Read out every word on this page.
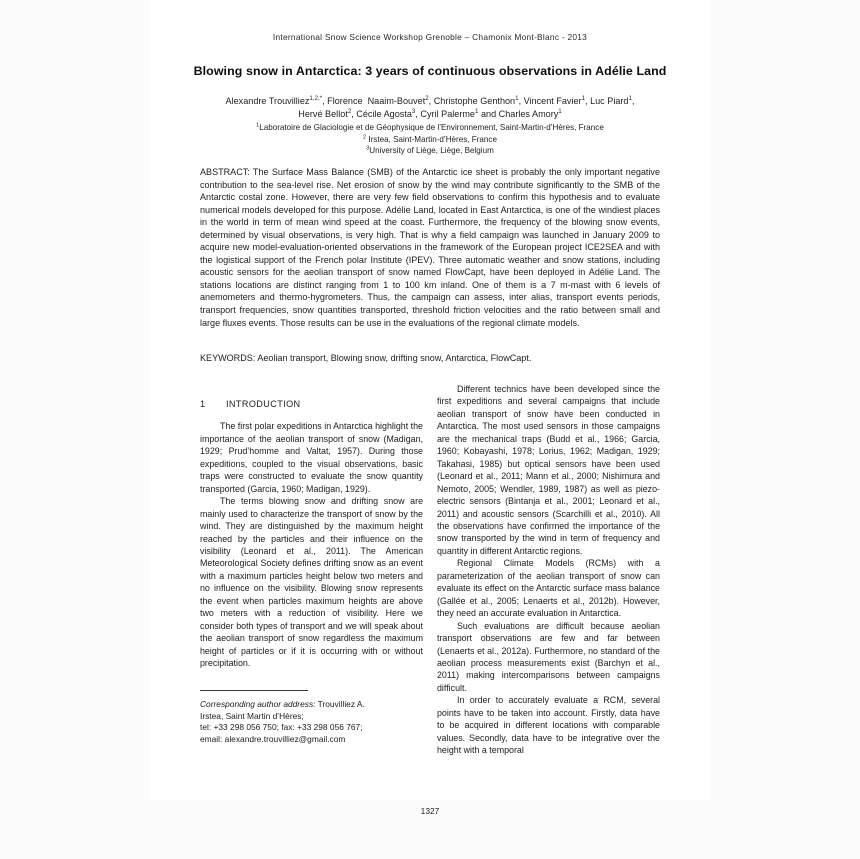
International Snow Science Workshop Grenoble – Chamonix Mont-Blanc - 2013
Blowing snow in Antarctica: 3 years of continuous observations in Adélie Land
Alexandre Trouvilliez$^{1,2,*}$, Florence  Naaim-Bouvet$^2$, Christophe Genthon$^1$, Vincent Favier$^1$, Luc Piard$^1$,
Hervé Bellot$^2$, Cécile Agosta$^3$, Cyril Palerme$^1$ and Charles Amory$^1$
$^1$Laboratoire de Glaciologie et de Géophysique de l’Environnement, Saint-Martin-d’Hères, France
$^2$ Irstea, Saint-Martin-d’Hères, France
$^3$University of Liège, Liège, Belgium
ABSTRACT: The Surface Mass Balance (SMB) of the Antarctic ice sheet is probably the only important negative contribution to the sea-level rise. Net erosion of snow by the wind may contribute significantly to the SMB of the Antarctic costal zone. However, there are very few field observations to confirm this hypothesis and to evaluate numerical models developed for this purpose. Adélie Land, located in East Antarctica, is one of the windiest places in the world in term of mean wind speed at the coast. Furthermore, the frequency of the blowing snow events, determined by visual observations, is very high. That is why a field campaign was launched in January 2009 to acquire new model-evaluation-oriented observations in the framework of the European project ICE2SEA and with the logistical support of the French polar Institute (IPEV). Three automatic weather and snow stations, including acoustic sensors for the aeolian transport of snow named FlowCapt, have been deployed in Adélie Land. The stations locations are distinct ranging from 1 to 100 km inland. One of them is a 7 m-mast with 6 levels of anemometers and thermo-hygrometers. Thus, the campaign can assess, inter alias, transport events periods, transport frequencies, snow quantities transported, threshold friction velocities and the ratio between small and large fluxes events. Those results can be use in the evaluations of the regional climate models.
KEYWORDS: Aeolian transport, Blowing snow, drifting snow, Antarctica, FlowCapt.
1 INTRODUCTION

The first polar expeditions in Antarctica highlight the importance of the aeolian transport of snow (Madigan, 1929; Prud’homme and Valtat, 1957). During those expeditions, coupled to the visual observations, basic traps were constructed to evaluate the snow quantity transported (Garcia, 1960; Madigan, 1929).

The terms blowing snow and drifting snow are mainly used to characterize the transport of snow by the wind. They are distinguished by the maximum height reached by the particles and their influence on the visibility (Leonard et al., 2011). The American Meteorological Society defines drifting snow as an event with a maximum particles height below two meters and no influence on the visibility. Blowing snow represents the event when particles maximum heights are above two meters with a reduction of visibility. Here we consider both types of transport and we will speak about the aeolian transport of snow regardless the maximum height of particles or if it is occurring with or without precipitation.

Different technics have been developed since the first expeditions and several campaigns that include aeolian transport of snow have been conducted in Antarctica. The most used sensors in those campaigns are the mechanical traps (Budd et al., 1966; Garcia, 1960; Kobayashi, 1978; Lorius, 1962; Madigan, 1929; Takahasi, 1985) but optical sensors have been used (Leonard et al., 2011; Mann et al., 2000; Nishimura and Nemoto, 2005; Wendler, 1989, 1987) as well as piezo-electric sensors (Bintanja et al., 2001; Leonard et al., 2011) and acoustic sensors (Scarchilli et al., 2010). All the observations have confirmed the importance of the snow transported by the wind in term of frequency and quantity in different Antarctic regions.

Regional Climate Models (RCMs) with a parameterization of the aeolian transport of snow can evaluate its effect on the Antarctic surface mass balance (Gallée et al., 2005; Lenaerts et al., 2012b). However, they need an accurate evaluation in Antarctica.

Such evaluations are difficult because aeolian transport observations are few and far between (Lenaerts et al., 2012a). Furthermore, no standard of the aeolian process measurements exist (Barchyn et al., 2011) making intercomparisons between campaigns difficult.

In order to accurately evaluate a RCM, several points have to be taken into account. Firstly, data have to be acquired in different locations with comparable values. Secondly, data have to be integrative over the height with a temporal

Corresponding author address: Trouvilliez A.
Irstea, Saint Martin d’Hères;
tel: +33 298 056 750; fax: +33 298 056 767;
email: alexandre.trouvilliez@gmail.com
1327
